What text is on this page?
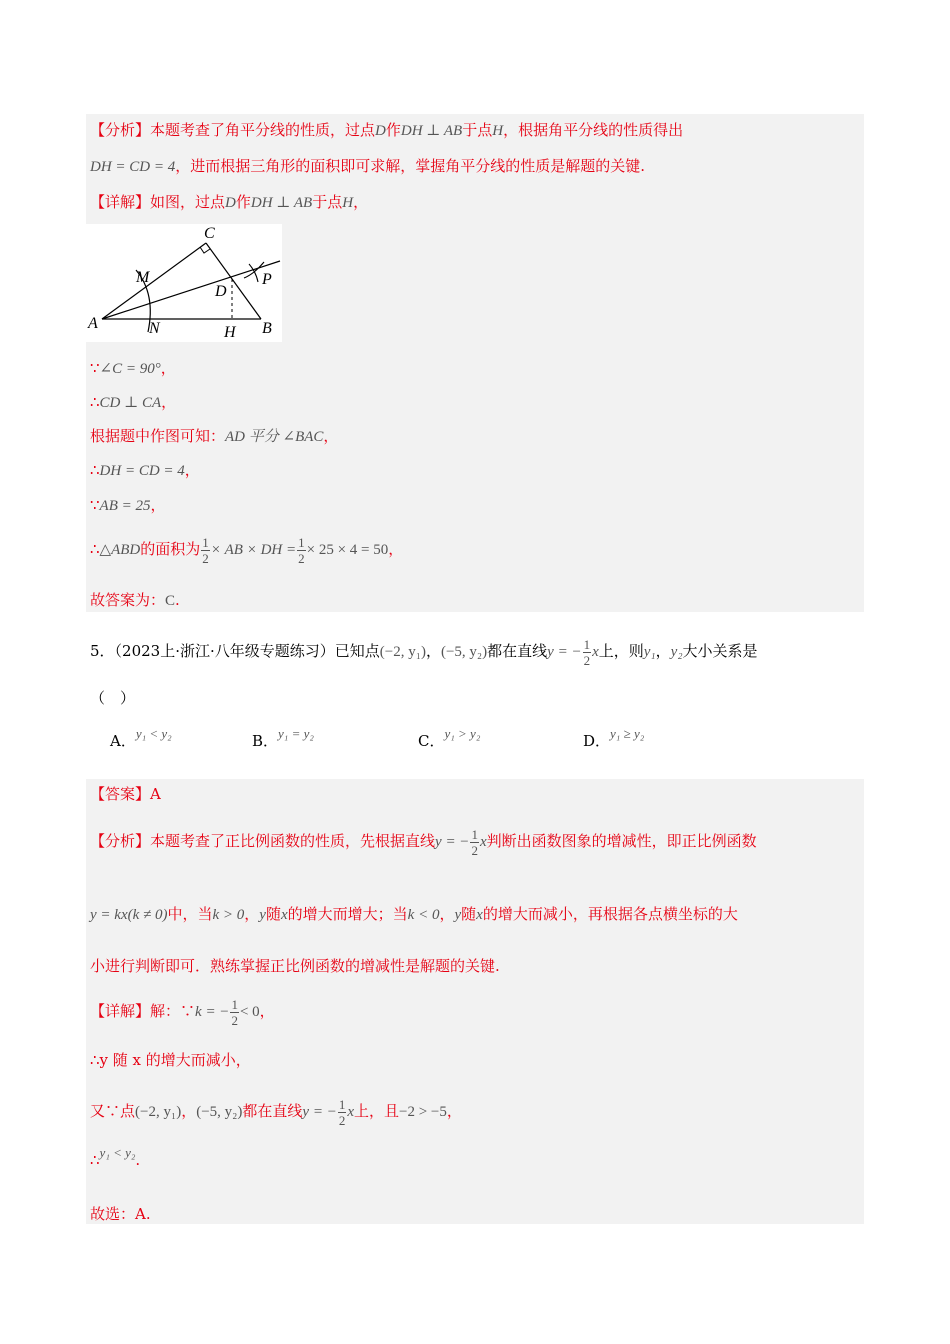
【分析】本题考查了角平分线的性质，过点D作DH ⊥ AB于点H，根据角平分线的性质得出
DH = CD = 4，进而根据三角形的面积即可求解，掌握角平分线的性质是解题的关键.
【详解】如图，过点D作DH ⊥ AB于点H，
C
M
D
P
A	N	H B
∵∠C = 90°，
∴CD ⊥ CA，
根据题中作图可知：AD 平分 ∠BAC，
∴DH = CD = 4，
∵AB = 25，
∴△ABD的面积为 $\frac{1}{2}$ × AB × DH = $\frac{1}{2} \times 25 \times 4 = 50$，
故答案为：C.
5．（2023上·浙江·八年级专题练习）已知点(−2, y₁)，(−5, y₂)都在直线y = − $\frac{1}{2}$ x上，则y₁，y₂大小关系是
（　）
A．y₁ < y₂	B．y₁ = y₂	C．y₁ > y₂	D．y₁ ≥ y₂
【答案】A
【分析】本题考查了正比例函数的性质，先根据直线y = − $\frac{1}{2}$ x判断出函数图象的增减性，即正比例函数
y = kx(k ≠ 0)中，当k > 0，y随x的增大而增大；当k < 0，y随x的增大而减小，再根据各点横坐标的大
小进行判断即可．熟练掌握正比例函数的增减性是解题的关键.
【详解】解：∵k = − $\frac{1}{2} < 0$，
∴y 随 x 的增大而减小，
又∵点(−2, y₁)，(−5, y₂)都在直线y = − $\frac{1}{2}$ x上，且−2 > −5，
∴y₁ < y₂.
故选：A.
